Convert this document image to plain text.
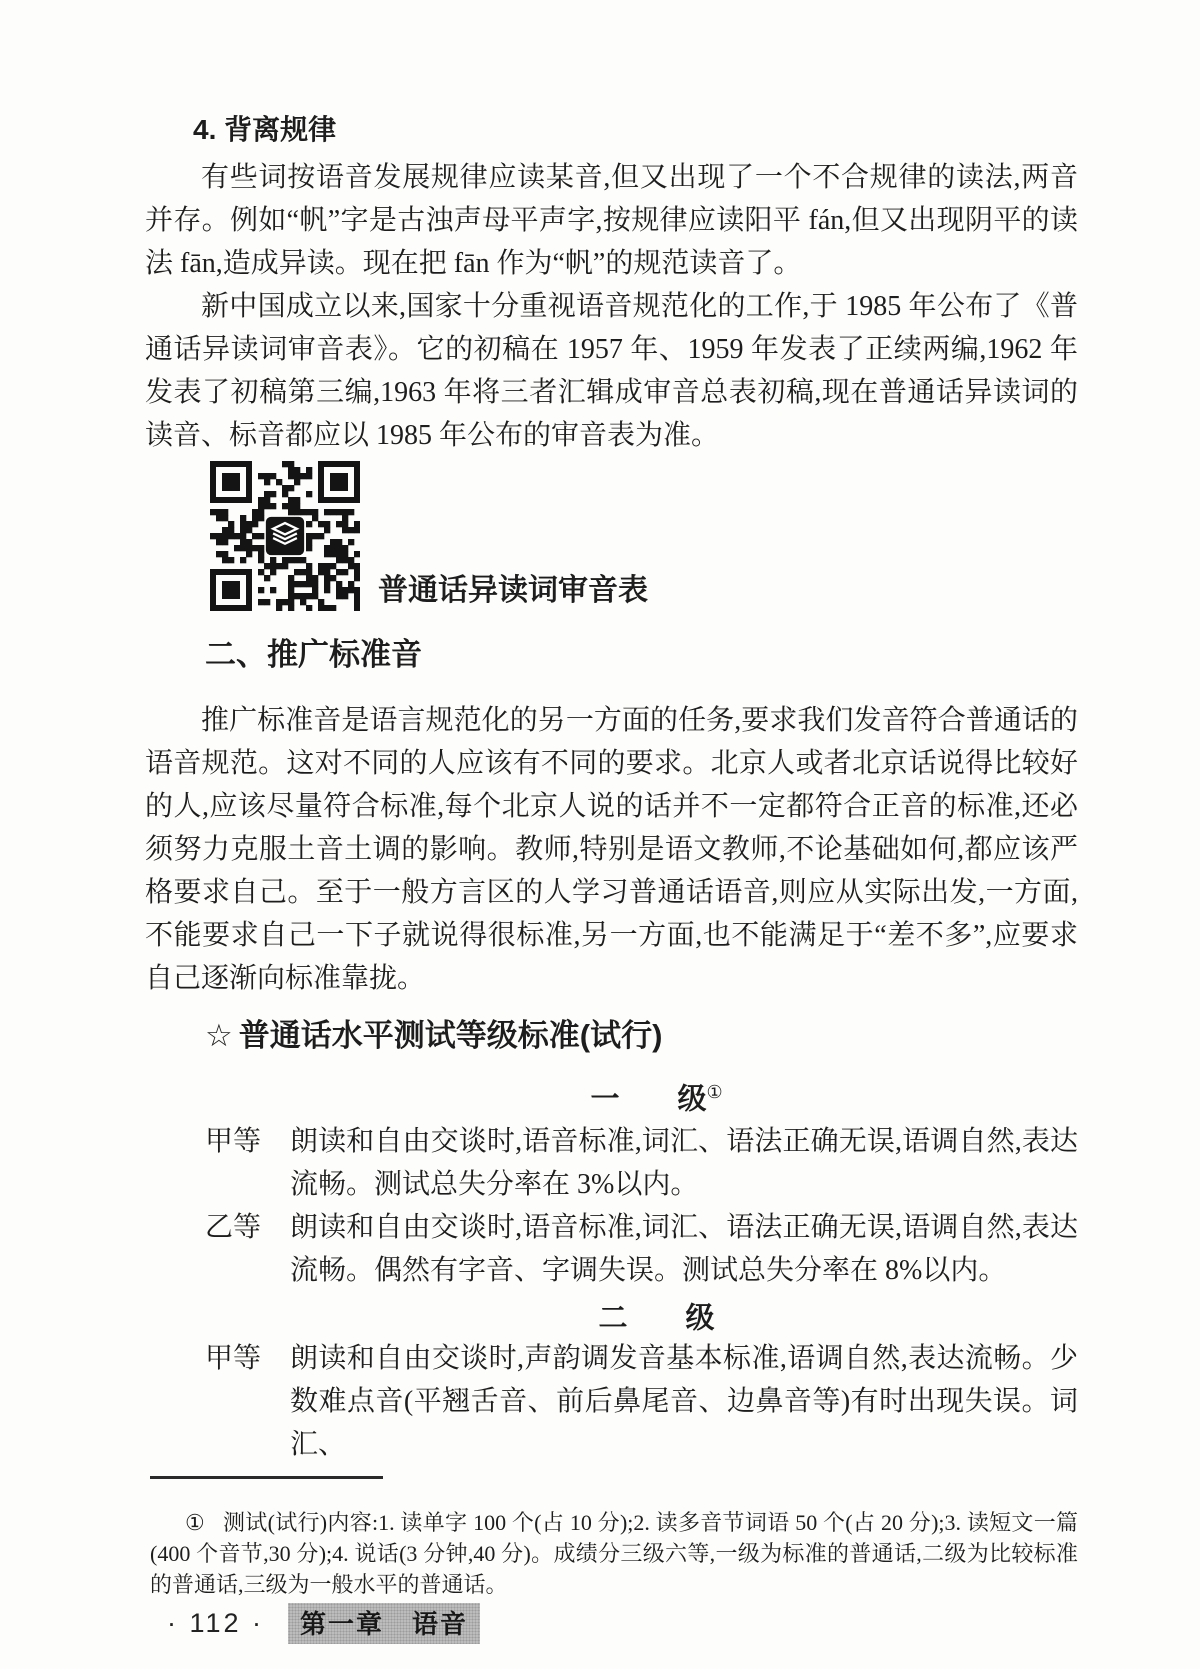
4. 背离规律

有些词按语音发展规律应读某音,但又出现了一个不合规律的读法,两音并存。例如“帆”字是古浊声母平声字,按规律应读阳平 fán,但又出现阴平的读法 fān,造成异读。现在把 fān 作为“帆”的规范读音了。

新中国成立以来,国家十分重视语音规范化的工作,于 1985 年公布了《普通话异读词审音表》。它的初稿在 1957 年、1959 年发表了正续两编,1962 年发表了初稿第三编,1963 年将三者汇辑成审音总表初稿,现在普通话异读词的读音、标音都应以 1985 年公布的审音表为准。

普通话异读词审音表
二、推广标准音

推广标准音是语言规范化的另一方面的任务,要求我们发音符合普通话的语音规范。这对不同的人应该有不同的要求。北京人或者北京话说得比较好的人,应该尽量符合标准,每个北京人说的话并不一定都符合正音的标准,还必须努力克服土音土调的影响。教师,特别是语文教师,不论基础如何,都应该严格要求自己。至于一般方言区的人学习普通话语音,则应从实际出发,一方面,不能要求自己一下子就说得很标准,另一方面,也不能满足于“差不多”,应要求自己逐渐向标准靠拢。

☆ 普通话水平测试等级标准(试行)
一　　级①
甲等 朗读和自由交谈时,语音标准,词汇、语法正确无误,语调自然,表达流畅。测试总失分率在 3%以内。
乙等 朗读和自由交谈时,语音标准,词汇、语法正确无误,语调自然,表达流畅。偶然有字音、字调失误。测试总失分率在 8%以内。
二　　级
甲等 朗读和自由交谈时,声韵调发音基本标准,语调自然,表达流畅。少数难点音(平翘舌音、前后鼻尾音、边鼻音等)有时出现失误。词汇、

① 测试(试行)内容:1. 读单字 100 个(占 10 分);2. 读多音节词语 50 个(占 20 分);3. 读短文一篇(400 个音节,30 分);4. 说话(3 分钟,40 分)。成绩分三级六等,一级为标准的普通话,二级为比较标准的普通话,三级为一般水平的普通话。

· 112 ·	第一章　语音
